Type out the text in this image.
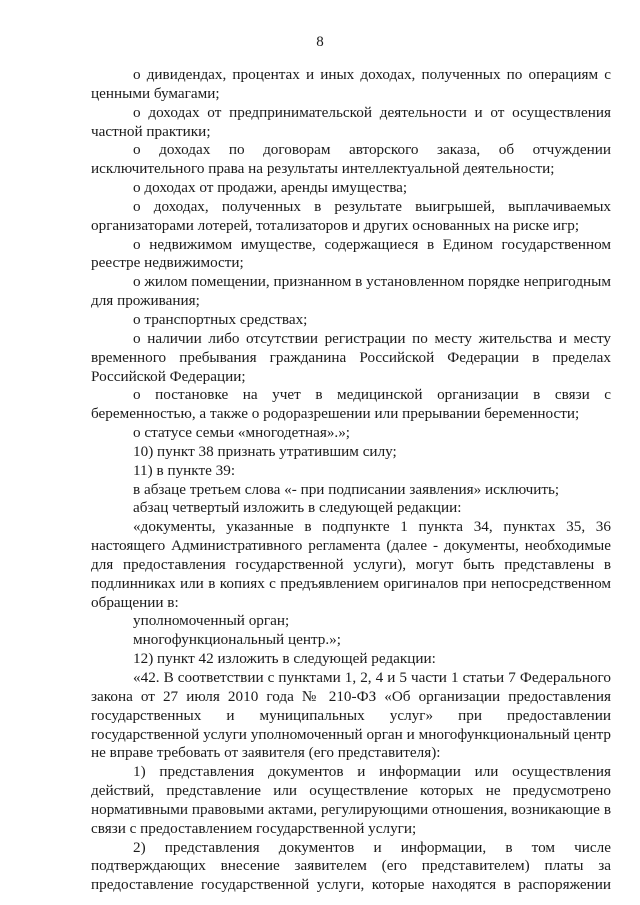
8

о дивидендах, процентах и иных доходах, полученных по операциям с

ценными бумагами;

о доходах от предпринимательской деятельности и от осуществления

частной практики;

о доходах по договорам авторского заказа, об отчуждении

исключительного права на результаты интеллектуальной деятельности;

о доходах от продажи, аренды имущества;

о доходах, полученных в результате выигрышей, выплачиваемых

организаторами лотерей, тотализаторов и других основанных на риске игр;

о недвижимом имуществе, содержащиеся в Едином государственном

реестре недвижимости;

о жилом помещении, признанном в установленном порядке непригодным

для проживания;

о транспортных средствах;

о наличии либо отсутствии регистрации по месту жительства и месту

временного пребывания гражданина Российской Федерации в пределах

Российской Федерации;

о постановке на учет в медицинской организации в связи с

беременностью, а также о родоразрешении или прерывании беременности;

о статусе семьи «многодетная».»;

10) пункт 38 признать утратившим силу;

11) в пункте 39:

в абзаце третьем слова «- при подписании заявления» исключить;

абзац четвертый изложить в следующей редакции:

«документы, указанные в подпункте 1 пункта 34, пунктах 35, 36

настоящего Административного регламента (далее - документы, необходимые

для предоставления государственной услуги), могут быть представлены в

подлинниках или в копиях с предъявлением оригиналов при непосредственном

обращении в:

уполномоченный орган;

многофункциональный центр.»;

12) пункт 42 изложить в следующей редакции:

«42. В соответствии с пунктами 1, 2, 4 и 5 части 1 статьи 7 Федерального

закона от 27 июля 2010 года № 210-ФЗ «Об организации предоставления

государственных и муниципальных услуг» при предоставлении

государственной услуги уполномоченный орган и многофункциональный центр

не вправе требовать от заявителя (его представителя):

1) представления документов и информации или осуществления

действий, представление или осуществление которых не предусмотрено

нормативными правовыми актами, регулирующими отношения, возникающие в

связи с предоставлением государственной услуги;

2) представления документов и информации, в том числе

подтверждающих внесение заявителем (его представителем) платы за

предоставление государственной услуги, которые находятся в распоряжении
